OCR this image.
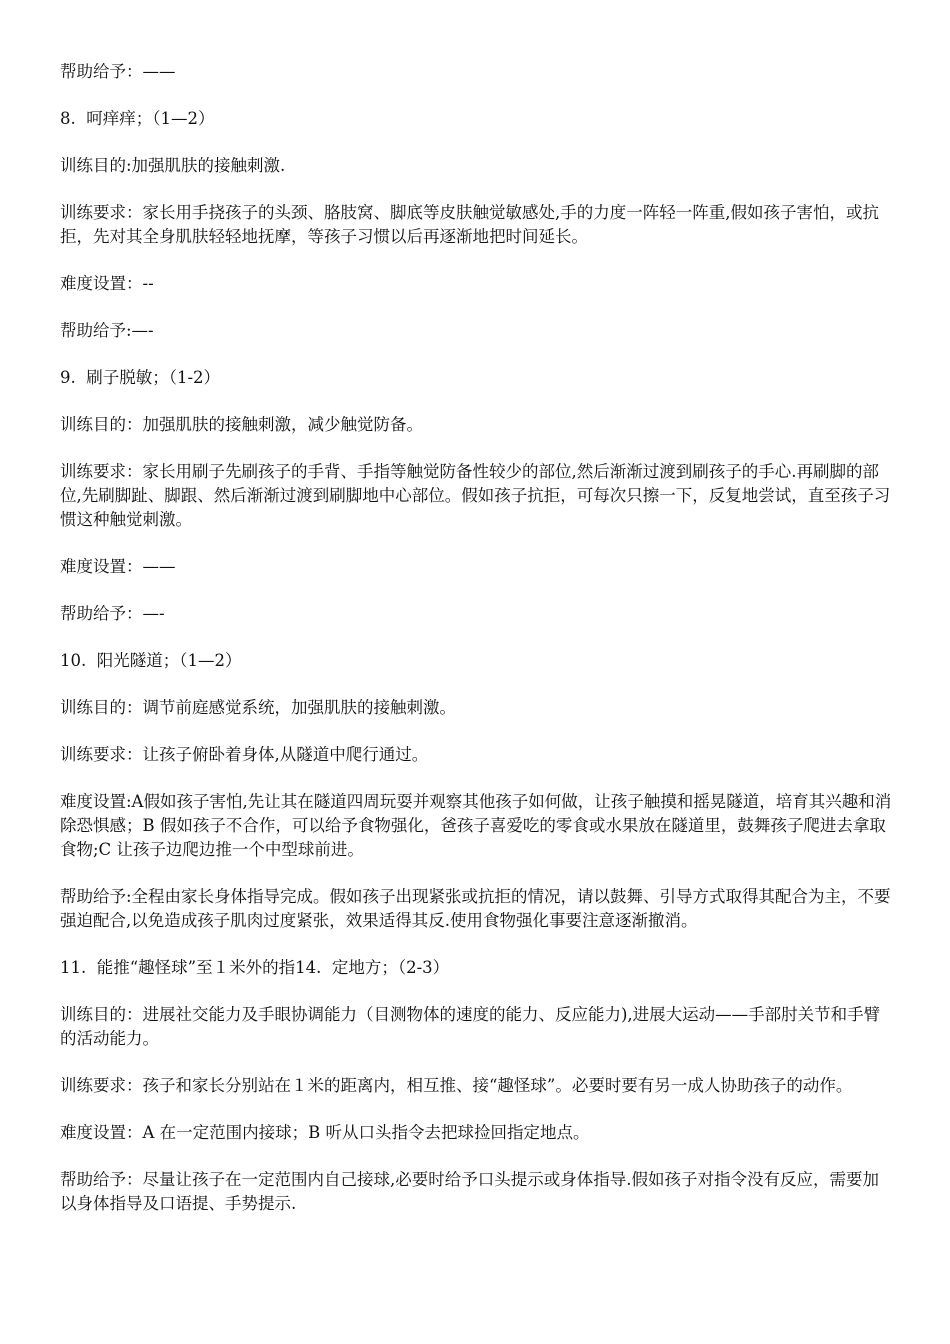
帮助给予：——

8.  呵痒痒；（1—2）

训练目的:加强肌肤的接触刺激.

训练要求：家长用手挠孩子的头颈、胳肢窝、脚底等皮肤触觉敏感处,手的力度一阵轻一阵重,假如孩子害怕，或抗拒，先对其全身肌肤轻轻地抚摩，等孩子习惯以后再逐渐地把时间延长。

难度设置：--

帮助给予:—-

9.  刷子脱敏；（1-2）

训练目的：加强肌肤的接触刺激，减少触觉防备。

训练要求：家长用刷子先刷孩子的手背、手指等触觉防备性较少的部位,然后渐渐过渡到刷孩子的手心.再刷脚的部位,先刷脚趾、脚跟、然后渐渐过渡到刷脚地中心部位。假如孩子抗拒，可每次只擦一下，反复地尝试，直至孩子习惯这种触觉刺激。

难度设置：——

帮助给予：—-

10.  阳光隧道；（1—2）

训练目的：调节前庭感觉系统，加强肌肤的接触刺激。

训练要求：让孩子俯卧着身体,从隧道中爬行通过。

难度设置:A假如孩子害怕,先让其在隧道四周玩耍并观察其他孩子如何做，让孩子触摸和摇晃隧道，培育其兴趣和消除恐惧感；B 假如孩子不合作，可以给予食物强化，爸孩子喜爱吃的零食或水果放在隧道里，鼓舞孩子爬进去拿取食物;C 让孩子边爬边推一个中型球前进。

帮助给予:全程由家长身体指导完成。假如孩子出现紧张或抗拒的情况，请以鼓舞、引导方式取得其配合为主，不要强迫配合,以免造成孩子肌肉过度紧张，效果适得其反.使用食物强化事要注意逐渐撤消。

11.  能推“趣怪球”至１米外的指14.  定地方；（2-3）

训练目的：进展社交能力及手眼协调能力（目测物体的速度的能力、反应能力),进展大运动——手部肘关节和手臂的活动能力。

训练要求：孩子和家长分别站在１米的距离内，相互推、接“趣怪球”。必要时要有另一成人协助孩子的动作。

难度设置：A 在一定范围内接球；B 听从口头指令去把球捡回指定地点。

帮助给予：尽量让孩子在一定范围内自己接球,必要时给予口头提示或身体指导.假如孩子对指令没有反应，需要加以身体指导及口语提、手势提示.
